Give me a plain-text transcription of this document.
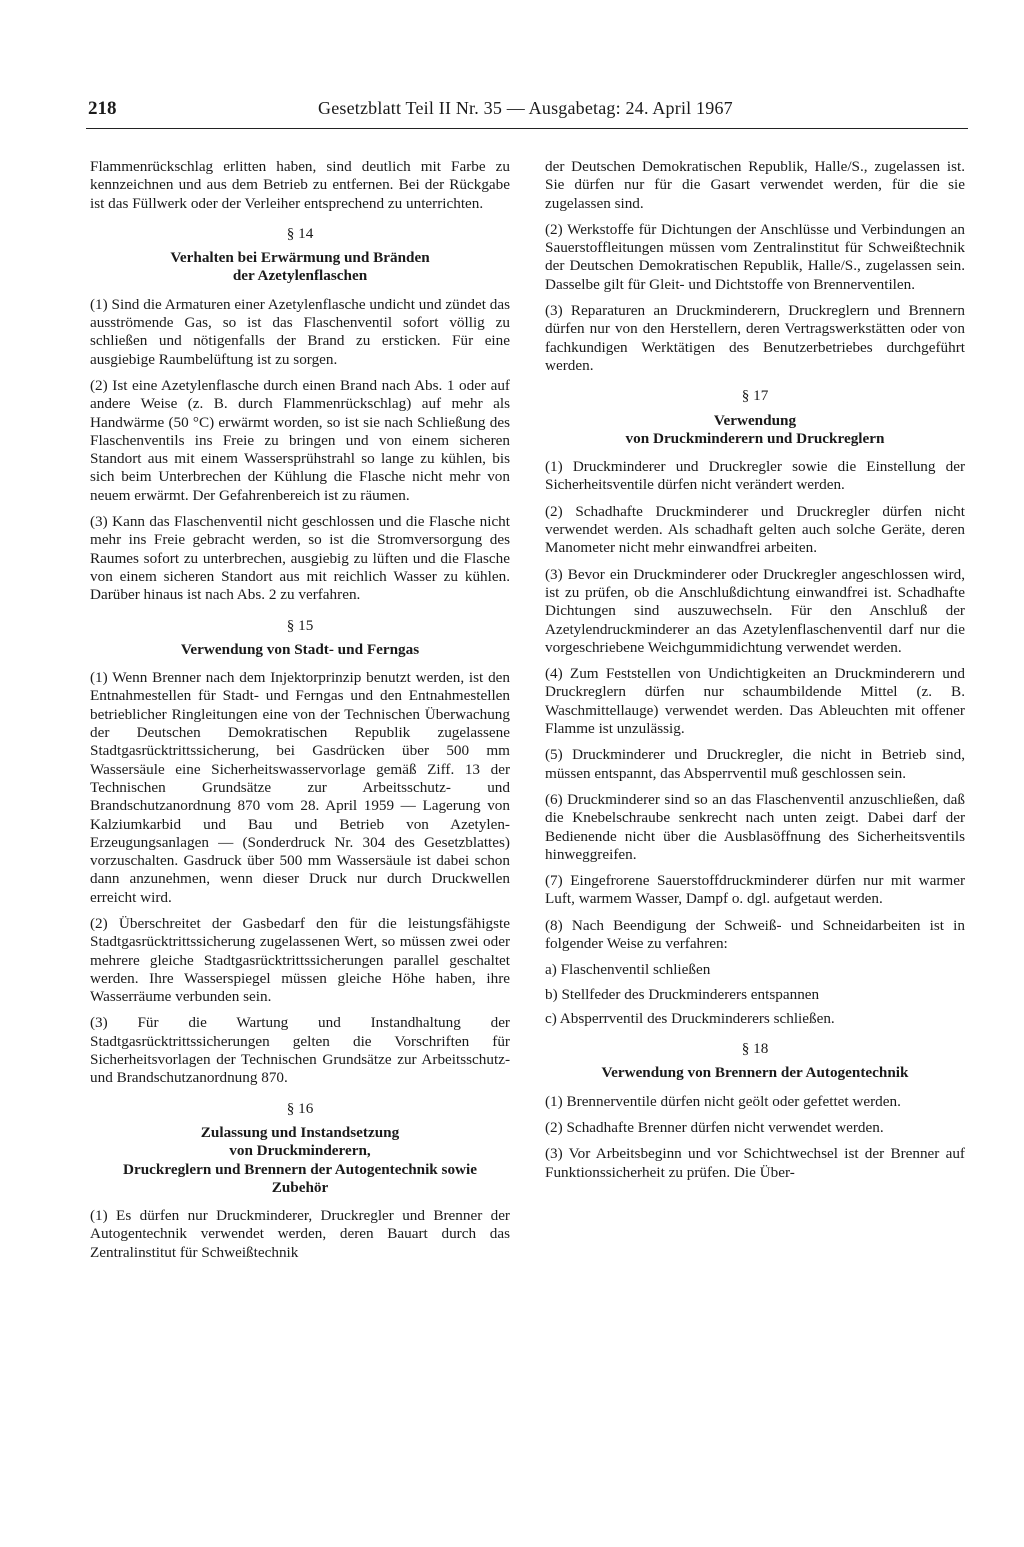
218	Gesetzblatt Teil II Nr. 35 — Ausgabetag: 24. April 1967

Flammenrückschlag erlitten haben, sind deutlich mit Farbe zu kennzeichnen und aus dem Betrieb zu entfernen. Bei der Rückgabe ist das Füllwerk oder der Verleiher entsprechend zu unterrichten.

§ 14
Verhalten bei Erwärmung und Bränden
der Azetylenflaschen

(1) Sind die Armaturen einer Azetylenflasche undicht und zündet das ausströmende Gas, so ist das Flaschenventil sofort völlig zu schließen und nötigenfalls der Brand zu ersticken. Für eine ausgiebige Raumbelüftung ist zu sorgen.

(2) Ist eine Azetylenflasche durch einen Brand nach Abs. 1 oder auf andere Weise (z. B. durch Flammenrückschlag) auf mehr als Handwärme (50 °C) erwärmt worden, so ist sie nach Schließung des Flaschenventils ins Freie zu bringen und von einem sicheren Standort aus mit einem Wassersprühstrahl so lange zu kühlen, bis sich beim Unterbrechen der Kühlung die Flasche nicht mehr von neuem erwärmt. Der Gefahrenbereich ist zu räumen.

(3) Kann das Flaschenventil nicht geschlossen und die Flasche nicht mehr ins Freie gebracht werden, so ist die Stromversorgung des Raumes sofort zu unterbrechen, ausgiebig zu lüften und die Flasche von einem sicheren Standort aus mit reichlich Wasser zu kühlen. Darüber hinaus ist nach Abs. 2 zu verfahren.

§ 15
Verwendung von Stadt- und Ferngas

(1) Wenn Brenner nach dem Injektorprinzip benutzt werden, ist den Entnahmestellen für Stadt- und Ferngas und den Entnahmestellen betrieblicher Ringleitungen eine von der Technischen Überwachung der Deutschen Demokratischen Republik zugelassene Stadtgasrücktrittssicherung, bei Gasdrücken über 500 mm Wassersäule eine Sicherheitswasservorlage gemäß Ziff. 13 der Technischen Grundsätze zur Arbeitsschutz- und Brandschutzanordnung 870 vom 28. April 1959 — Lagerung von Kalziumkarbid und Bau und Betrieb von Azetylen-Erzeugungsanlagen — (Sonderdruck Nr. 304 des Gesetzblattes) vorzuschalten. Gasdruck über 500 mm Wassersäule ist dabei schon dann anzunehmen, wenn dieser Druck nur durch Druckwellen erreicht wird.

(2) Überschreitet der Gasbedarf den für die leistungsfähigste Stadtgasrücktrittssicherung zugelassenen Wert, so müssen zwei oder mehrere gleiche Stadtgasrücktrittssicherungen parallel geschaltet werden. Ihre Wasserspiegel müssen gleiche Höhe haben, ihre Wasserräume verbunden sein.

(3) Für die Wartung und Instandhaltung der Stadtgasrücktrittssicherungen gelten die Vorschriften für Sicherheitsvorlagen der Technischen Grundsätze zur Arbeitsschutz- und Brandschutzanordnung 870.

§ 16
Zulassung und Instandsetzung
von Druckminderern,
Druckreglern und Brennern der Autogentechnik sowie
Zubehör

(1) Es dürfen nur Druckminderer, Druckregler und Brenner der Autogentechnik verwendet werden, deren Bauart durch das Zentralinstitut für Schweißtechnik

der Deutschen Demokratischen Republik, Halle/S., zugelassen ist. Sie dürfen nur für die Gasart verwendet werden, für die sie zugelassen sind.

(2) Werkstoffe für Dichtungen der Anschlüsse und Verbindungen an Sauerstoffleitungen müssen vom Zentralinstitut für Schweißtechnik der Deutschen Demokratischen Republik, Halle/S., zugelassen sein. Dasselbe gilt für Gleit- und Dichtstoffe von Brennerventilen.

(3) Reparaturen an Druckminderern, Druckreglern und Brennern dürfen nur von den Herstellern, deren Vertragswerkstätten oder von fachkundigen Werktätigen des Benutzerbetriebes durchgeführt werden.

§ 17
Verwendung
von Druckminderern und Druckreglern

(1) Druckminderer und Druckregler sowie die Einstellung der Sicherheitsventile dürfen nicht verändert werden.

(2) Schadhafte Druckminderer und Druckregler dürfen nicht verwendet werden. Als schadhaft gelten auch solche Geräte, deren Manometer nicht mehr einwandfrei arbeiten.

(3) Bevor ein Druckminderer oder Druckregler angeschlossen wird, ist zu prüfen, ob die Anschlußdichtung einwandfrei ist. Schadhafte Dichtungen sind auszuwechseln. Für den Anschluß der Azetylendruckminderer an das Azetylenflaschenventil darf nur die vorgeschriebene Weichgummidichtung verwendet werden.

(4) Zum Feststellen von Undichtigkeiten an Druckminderern und Druckreglern dürfen nur schaumbildende Mittel (z. B. Waschmittellauge) verwendet werden. Das Ableuchten mit offener Flamme ist unzulässig.

(5) Druckminderer und Druckregler, die nicht in Betrieb sind, müssen entspannt, das Absperrventil muß geschlossen sein.

(6) Druckminderer sind so an das Flaschenventil anzuschließen, daß die Knebelschraube senkrecht nach unten zeigt. Dabei darf der Bedienende nicht über die Ausblasöffnung des Sicherheitsventils hinweggreifen.

(7) Eingefrorene Sauerstoffdruckminderer dürfen nur mit warmer Luft, warmem Wasser, Dampf o. dgl. aufgetaut werden.

(8) Nach Beendigung der Schweiß- und Schneidarbeiten ist in folgender Weise zu verfahren:

a) Flaschenventil schließen
b) Stellfeder des Druckminderers entspannen
c) Absperrventil des Druckminderers schließen.
§ 18
Verwendung von Brennern der Autogentechnik

(1) Brennerventile dürfen nicht geölt oder gefettet werden.

(2) Schadhafte Brenner dürfen nicht verwendet werden.

(3) Vor Arbeitsbeginn und vor Schichtwechsel ist der Brenner auf Funktionssicherheit zu prüfen. Die Über-
